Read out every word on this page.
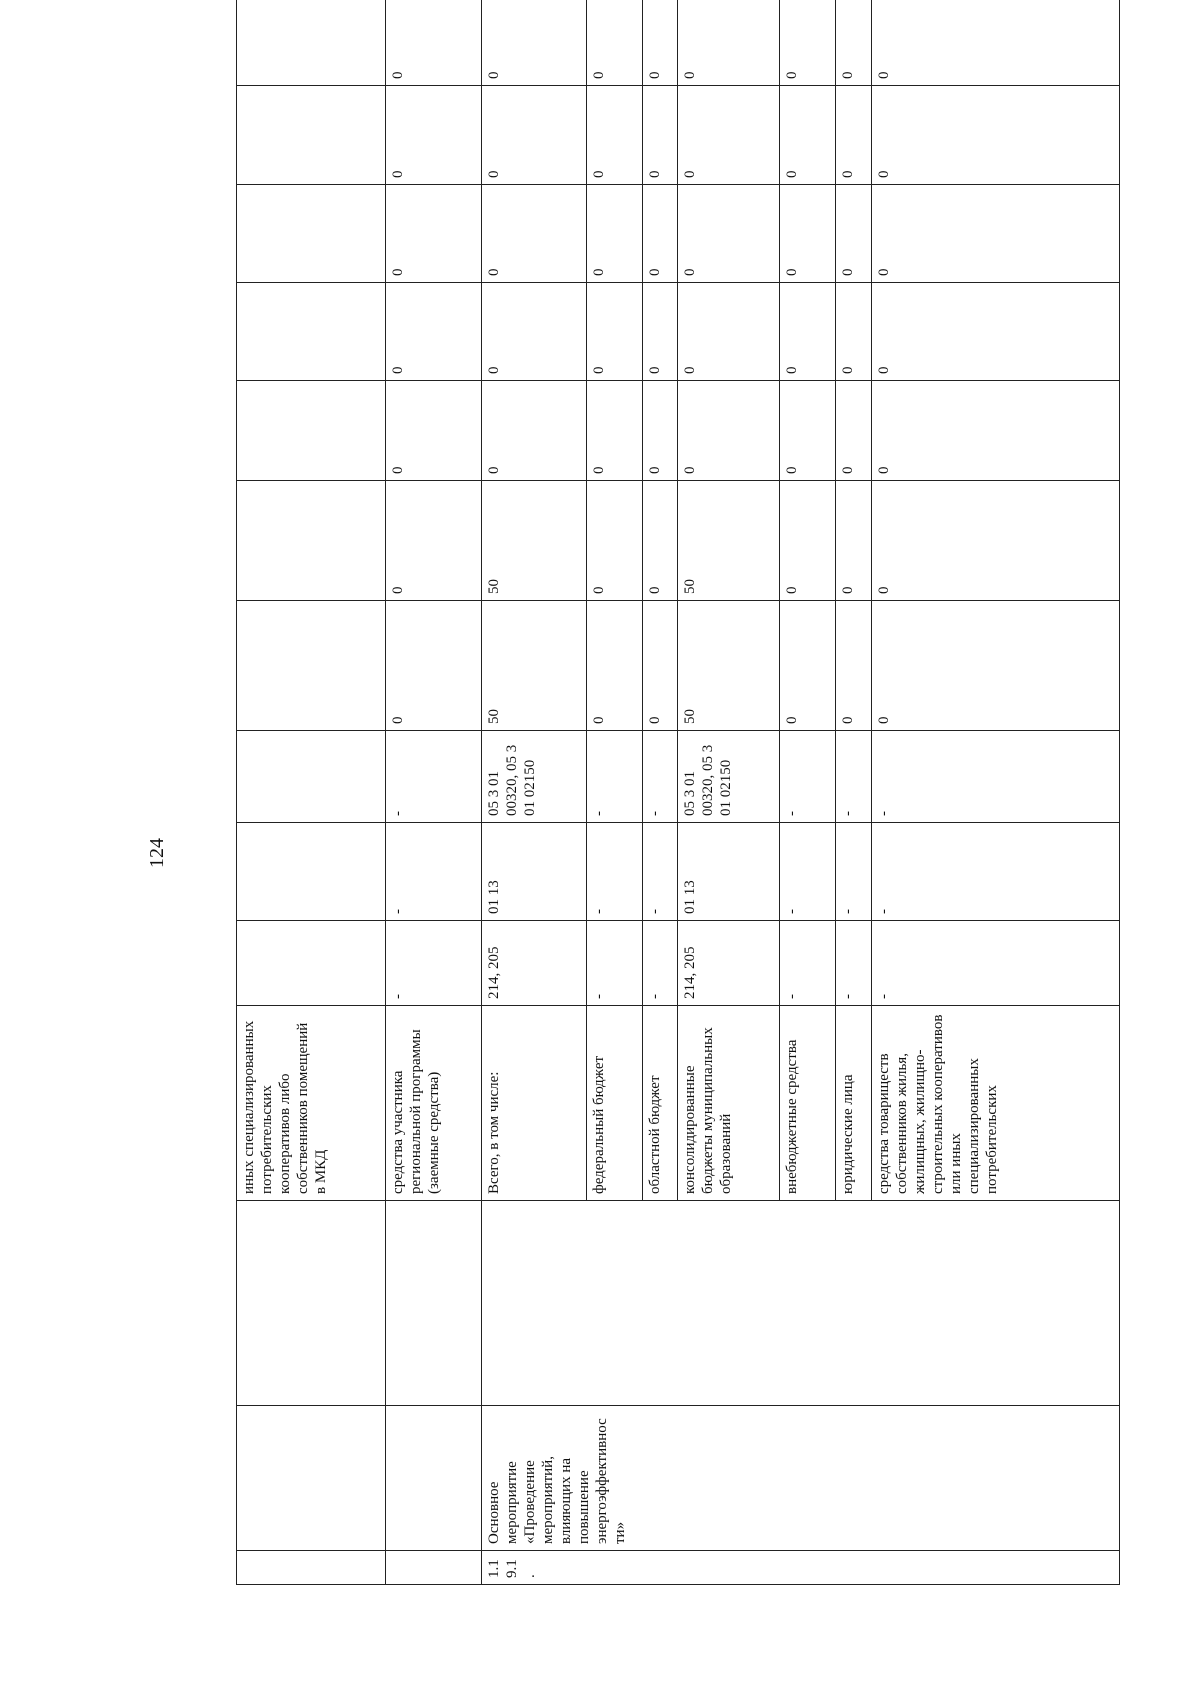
124
			иных специализированных потребительских кооперативов либо собственников помещений в МКД											
			средства участника региональной программы (заемные средства)	-	-	-	0	0	0	0	0	0	0	
1.19.1.	Основное мероприятие «Проведение мероприятий, влияющих на повышение энергоэффективности»		Всего, в том числе:	214, 205	01 13	05 3 01 00320, 05 3 01 02150	50	50	0	0	0	0	0	
			федеральный бюджет	-	-	-	0	0	0	0	0	0	0	
			областной бюджет	-	-	-	0	0	0	0	0	0	0	
			консолидированные бюджеты муниципальных образований	214, 205	01 13	05 3 01 00320, 05 3 01 02150	50	50	0	0	0	0	0	
			внебюджетные средства	-	-	-	0	0	0	0	0	0	0	
			юридические лица	-	-	-	0	0	0	0	0	0	0	
			средства товариществ собственников жилья, жилищных, жилищно-строительных кооперативов или иных специализированных потребительских	-	-	-	0	0	0	0	0	0	0	
